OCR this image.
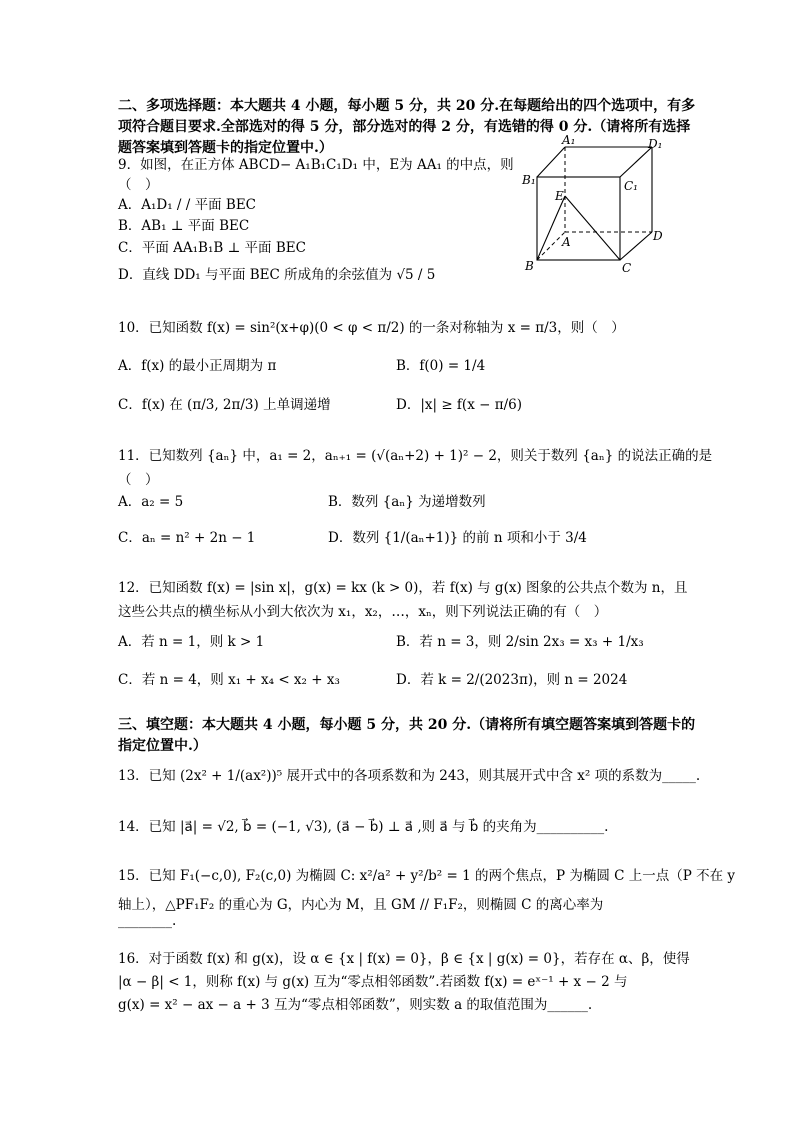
二、多项选择题：本大题共 4 小题，每小题 5 分，共 20 分.在每题给出的四个选项中，有多项符合题目要求.全部选对的得 5 分，部分选对的得 2 分，有选错的得 0 分.（请将所有选择题答案填到答题卡的指定位置中.）
9．如图，在正方体 ABCD− A₁B₁C₁D₁ 中，E为 AA₁ 的中点，则
（　）
A．A₁D₁ / / 平面 BEC
B．AB₁ ⊥ 平面 BEC
C．平面 AA₁B₁B ⊥ 平面 BEC
D．直线 DD₁ 与平面 BEC 所成角的余弦值为 √5 / 5
A₁	D₁
B₁	C₁
E
A	D
B	C
10．已知函数 f(x) = sin²(x+φ)(0 < φ < π/2) 的一条对称轴为 x = π/3，则（　）
A．f(x) 的最小正周期为 π	B．f(0) = 1/4
C．f(x) 在 (π/3, 2π/3) 上单调递增	D．|x| ≥ f(x − π/6)
11．已知数列 {aₙ} 中，a₁ = 2，aₙ₊₁ = (√(aₙ+2) + 1)² − 2，则关于数列 {aₙ} 的说法正确的是
（　）
A．a₂ = 5	B．数列 {aₙ} 为递增数列
C．aₙ = n² + 2n − 1	D．数列 {1/(aₙ+1)} 的前 n 项和小于 3/4
12．已知函数 f(x) = |sin x|，g(x) = kx (k > 0)，若 f(x) 与 g(x) 图象的公共点个数为 n，且
这些公共点的横坐标从小到大依次为 x₁，x₂，…，xₙ，则下列说法正确的有（　）
A．若 n = 1，则 k > 1	B．若 n = 3，则 2/sin 2x₃ = x₃ + 1/x₃
C．若 n = 4，则 x₁ + x₄ < x₂ + x₃	D．若 k = 2/(2023π)，则 n = 2024
三、填空题：本大题共 4 小题，每小题 5 分，共 20 分.（请将所有填空题答案填到答题卡的指定位置中.）
13．已知 (2x² + 1/(ax²))⁵ 展开式中的各项系数和为 243，则其展开式中含 x² 项的系数为_____.
14．已知 |a⃗| = √2, b⃗ = (−1, √3), (a⃗ − b⃗) ⊥ a⃗ ,则 a⃗ 与 b⃗ 的夹角为__________.
15．已知 F₁(−c,0), F₂(c,0) 为椭圆 C: x²/a² + y²/b² = 1 的两个焦点，P 为椭圆 C 上一点（P 不在 y
轴上），△PF₁F₂ 的重心为 G，内心为 M，且 GM // F₁F₂，则椭圆 C 的离心率为
________.
16．对于函数 f(x) 和 g(x)，设 α ∈ {x | f(x) = 0}，β ∈ {x | g(x) = 0}，若存在 α、β，使得
|α − β| < 1，则称 f(x) 与 g(x) 互为“零点相邻函数”.若函数 f(x) = eˣ⁻¹ + x − 2 与
g(x) = x² − ax − a + 3 互为“零点相邻函数”，则实数 a 的取值范围为______.
